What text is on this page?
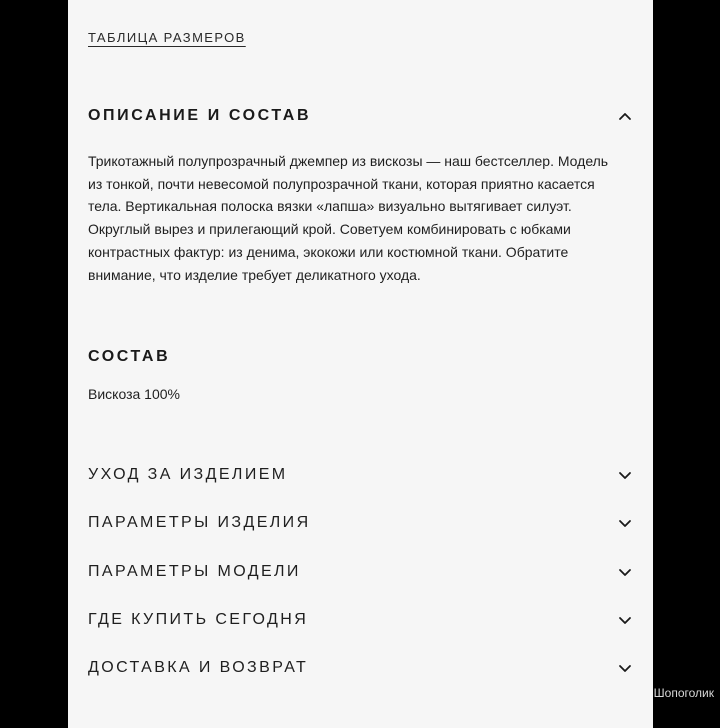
ТАБЛИЦА РАЗМЕРОВ
ОПИСАНИЕ И СОСТАВ

Трикотажный полупрозрачный джемпер из вискозы — наш бестселлер. Модель из тонкой, почти невесомой полупрозрачной ткани, которая приятно касается тела. Вертикальная полоска вязки «лапша» визуально вытягивает силуэт. Округлый вырез и прилегающий крой. Советуем комбинировать с юбками контрастных фактур: из денима, экокожи или костюмной ткани. Обратите внимание, что изделие требует деликатного ухода.

СОСТАВ
Вискоза 100%
УХОД ЗА ИЗДЕЛИЕМ
ПАРАМЕТРЫ ИЗДЕЛИЯ
ПАРАМЕТРЫ МОДЕЛИ
ГДЕ КУПИТЬ СЕГОДНЯ
ДОСТАВКА И ВОЗВРАТ
Шопоголик
